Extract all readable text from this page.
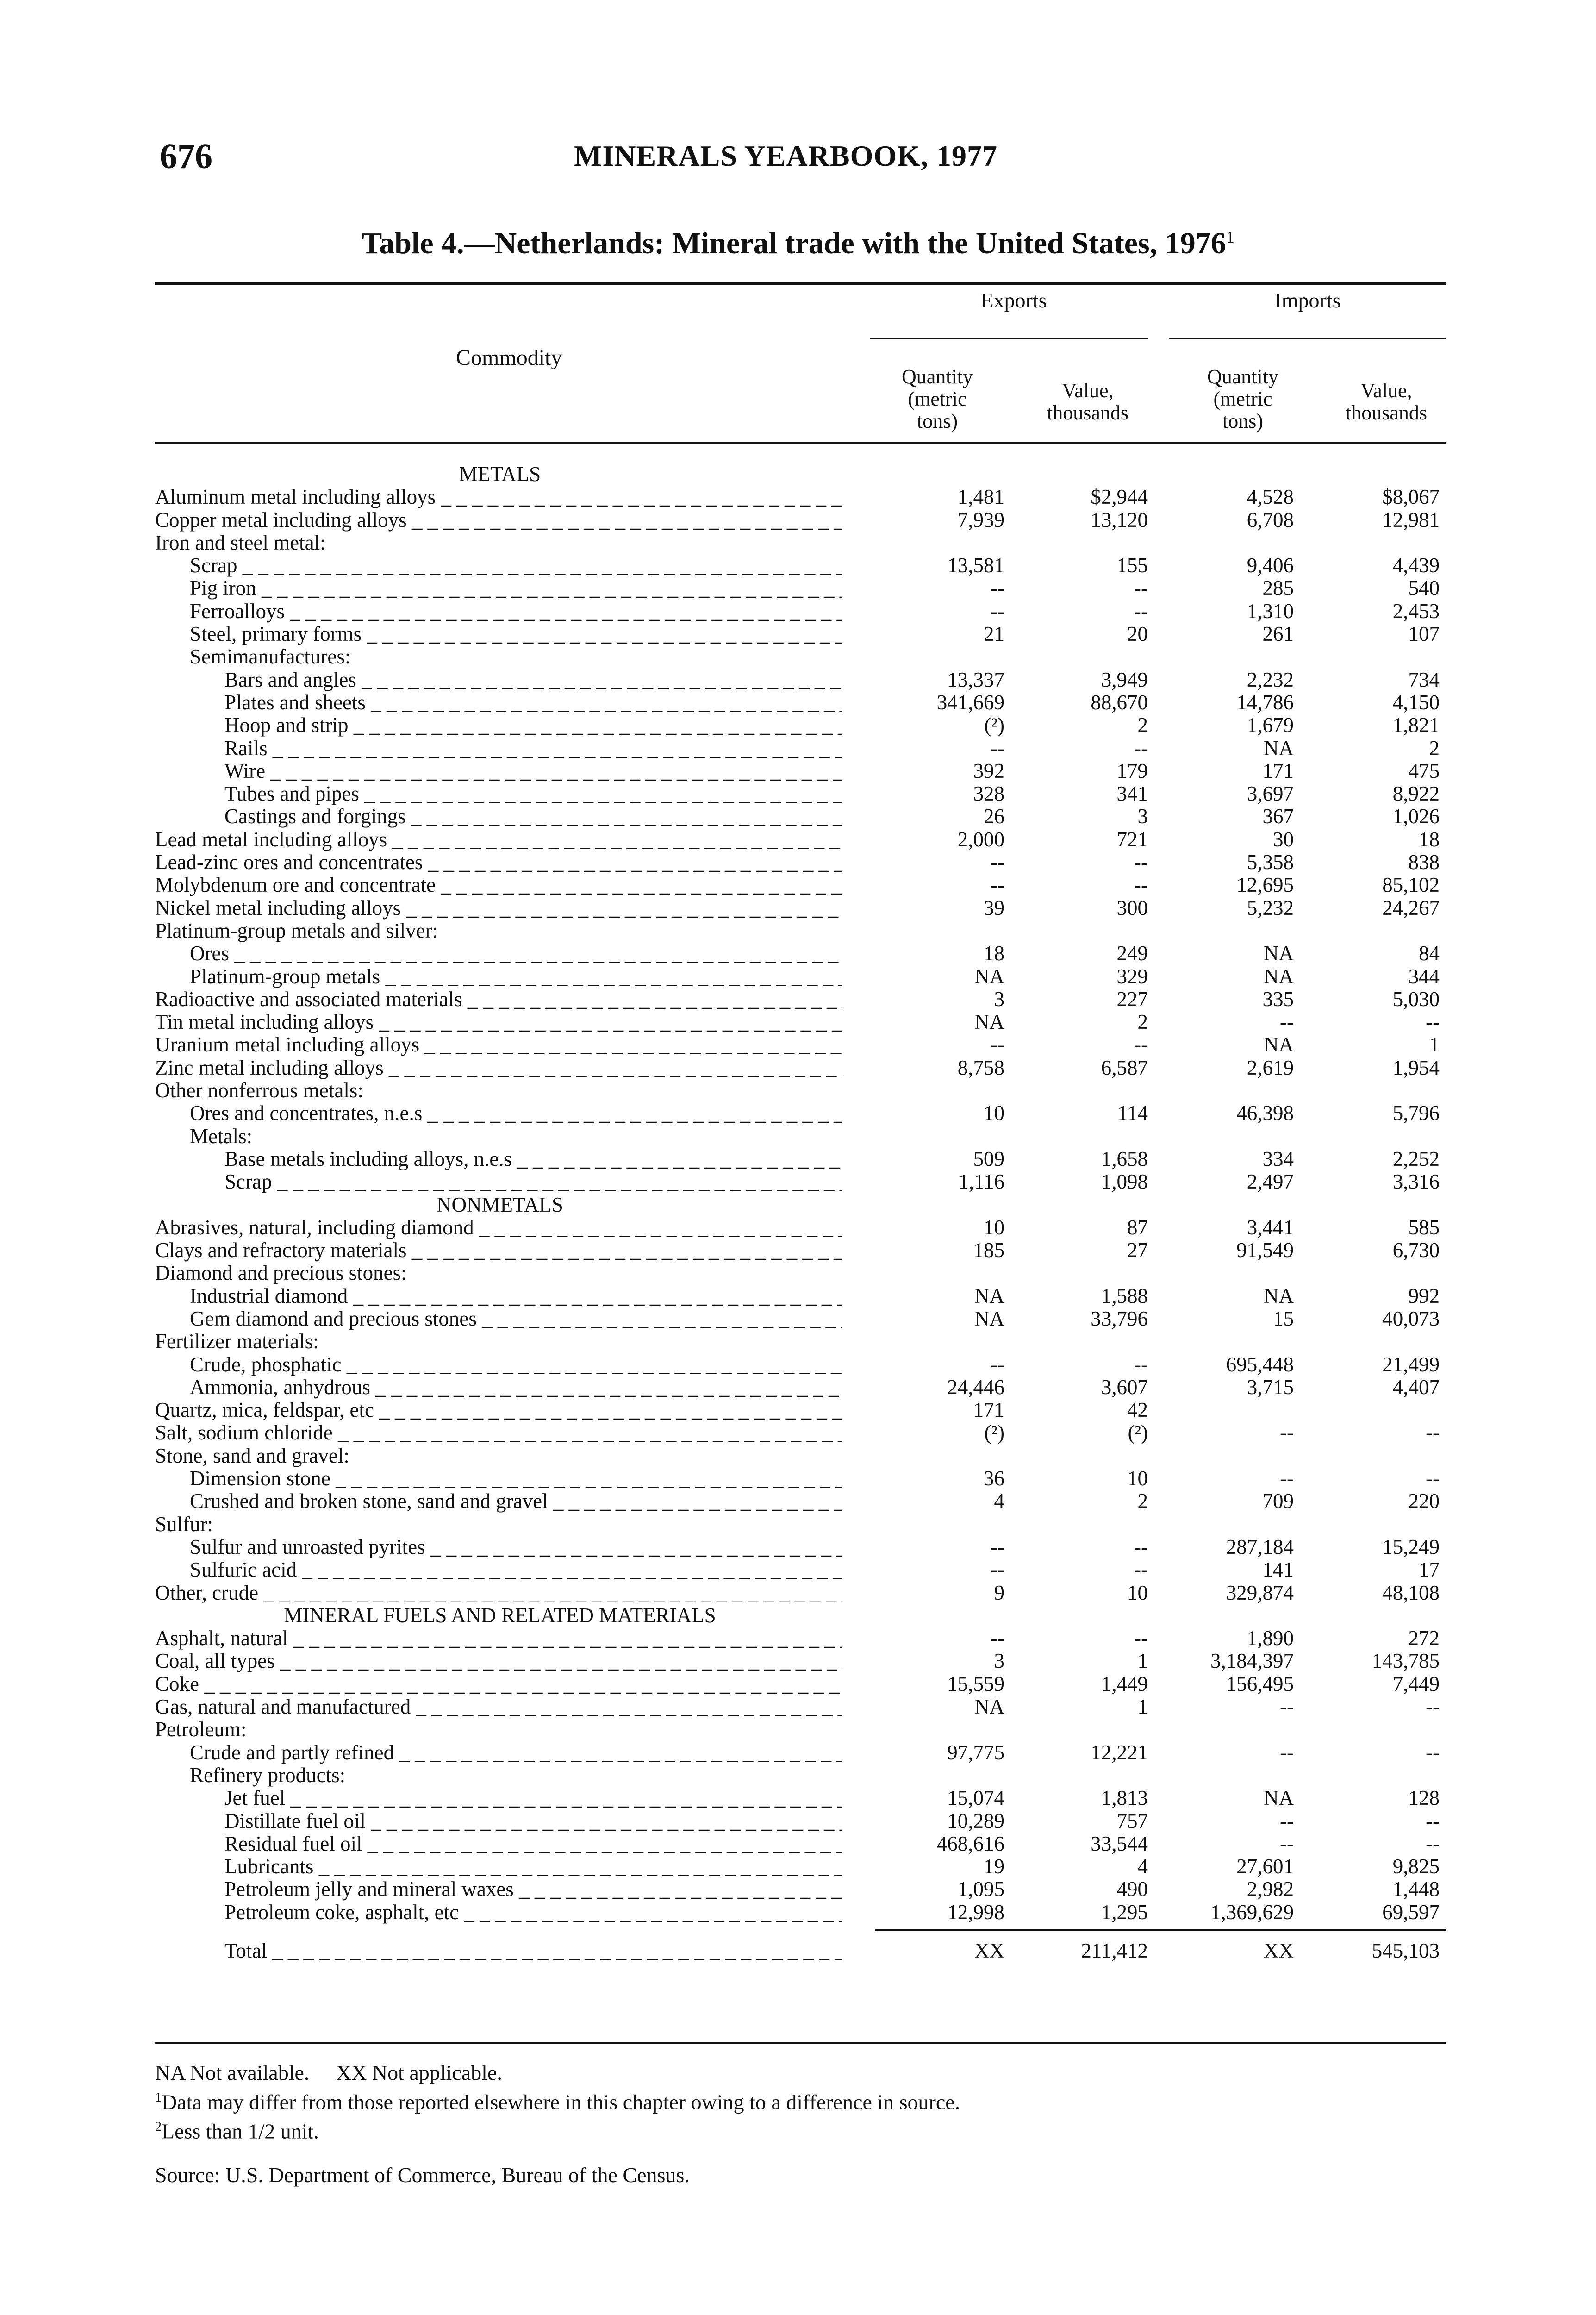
676	MINERALS YEARBOOK, 1977
Table 4.—Netherlands: Mineral trade with the United States, 1976$^1$
Exports	Imports
Commodity
Quantity
(metric
tons)
Value,
thousands
Quantity
(metric
tons)
Value,
thousands
METALS
Aluminum metal including alloys _ _ _	1,481	$2,944	4,528	$8,067
Copper metal including alloys _ _ _	7,939	13,120	6,708	12,981
Iron and steel metal:
Scrap _ _ _	13,581	155	9,406	4,439
Pig iron _ _ _	--	--	285	540
Ferroalloys _ _ _	--	--	1,310	2,453
Steel, primary forms _ _ _	21	20	261	107
Semimanufactures:
Bars and angles _ _ _	13,337	3,949	2,232	734
Plates and sheets _ _ _	341,669	88,670	14,786	4,150
Hoop and strip _ _ _	(²)	2	1,679	1,821
Rails _ _ _	--	--	NA	2
Wire _ _ _	392	179	171	475
Tubes and pipes _ _ _	328	341	3,697	8,922
Castings and forgings _ _ _	26	3	367	1,026
Lead metal including alloys _ _ _	2,000	721	30	18
Lead-zinc ores and concentrates _ _ _	--	--	5,358	838
Molybdenum ore and concentrate _ _ _	--	--	12,695	85,102
Nickel metal including alloys _ _ _	39	300	5,232	24,267
Platinum-group metals and silver:
Ores _ _ _	18	249	NA	84
Platinum-group metals _ _ _	NA	329	NA	344
Radioactive and associated materials _ _ _	3	227	335	5,030
Tin metal including alloys _ _ _	NA	2	--	--
Uranium metal including alloys _ _ _	--	--	NA	1
Zinc metal including alloys _ _ _	8,758	6,587	2,619	1,954
Other nonferrous metals:
Ores and concentrates, n.e.s _ _ _	10	114	46,398	5,796
Metals:
Base metals including alloys, n.e.s _ _ _	509	1,658	334	2,252
Scrap _ _ _	1,116	1,098	2,497	3,316
NONMETALS
Abrasives, natural, including diamond _ _ _	10	87	3,441	585
Clays and refractory materials _ _ _	185	27	91,549	6,730
Diamond and precious stones:
Industrial diamond _ _ _	NA	1,588	NA	992
Gem diamond and precious stones _ _ _	NA	33,796	15	40,073
Fertilizer materials:
Crude, phosphatic _ _ _	--	--	695,448	21,499
Ammonia, anhydrous _ _ _	24,446	3,607	3,715	4,407
Quartz, mica, feldspar, etc _ _ _	171	42
Salt, sodium chloride _ _ _	(²)	(²)	--	--
Stone, sand and gravel:
Dimension stone _ _ _	36	10	--	--
Crushed and broken stone, sand and gravel _ _ _	4	2	709	220
Sulfur:
Sulfur and unroasted pyrites _ _ _	--	--	287,184	15,249
Sulfuric acid _ _ _	--	--	141	17
Other, crude _ _ _	9	10	329,874	48,108
MINERAL FUELS AND RELATED MATERIALS
Asphalt, natural _ _ _	--	--	1,890	272
Coal, all types _ _ _	3	1	3,184,397	143,785
Coke _ _ _	15,559	1,449	156,495	7,449
Gas, natural and manufactured _ _ _	NA	1	--	--
Petroleum:
Crude and partly refined _ _ _	97,775	12,221	--	--
Refinery products:
Jet fuel _ _ _	15,074	1,813	NA	128
Distillate fuel oil _ _ _	10,289	757	--	--
Residual fuel oil _ _ _	468,616	33,544	--	--
Lubricants _ _ _	19	4	27,601	9,825
Petroleum jelly and mineral waxes _ _ _	1,095	490	2,982	1,448
Petroleum coke, asphalt, etc _ _ _	12,998	1,295	1,369,629	69,597
Total _ _ _	XX	211,412	XX	545,103
NA Not available.     XX Not applicable.
$^1$Data may differ from those reported elsewhere in this chapter owing to a difference in source.
$^2$Less than 1/2 unit.
Source: U.S. Department of Commerce, Bureau of the Census.
